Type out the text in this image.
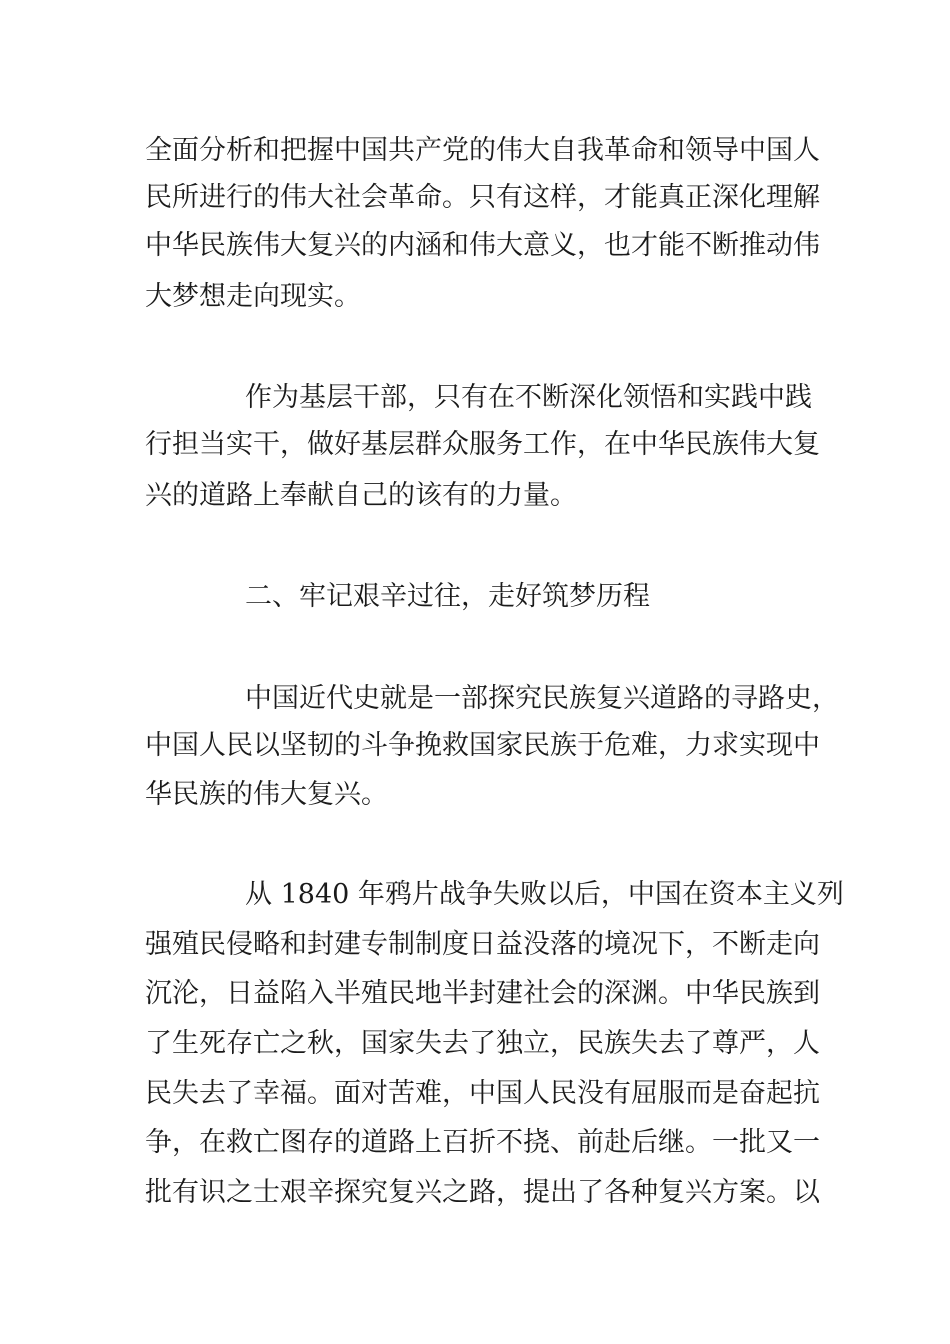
全面分析和把握中国共产党的伟大自我革命和领导中国人
民所进行的伟大社会革命。只有这样，才能真正深化理解
中华民族伟大复兴的内涵和伟大意义，也才能不断推动伟
大梦想走向现实。
作为基层干部，只有在不断深化领悟和实践中践
行担当实干，做好基层群众服务工作，在中华民族伟大复
兴的道路上奉献自己的该有的力量。
二、牢记艰辛过往，走好筑梦历程
中国近代史就是一部探究民族复兴道路的寻路史，
中国人民以坚韧的斗争挽救国家民族于危难，力求实现中
华民族的伟大复兴。
从 1840 年鸦片战争失败以后，中国在资本主义列
强殖民侵略和封建专制制度日益没落的境况下，不断走向
沉沦，日益陷入半殖民地半封建社会的深渊。中华民族到
了生死存亡之秋，国家失去了独立，民族失去了尊严，人
民失去了幸福。面对苦难，中国人民没有屈服而是奋起抗
争，在救亡图存的道路上百折不挠、前赴后继。一批又一
批有识之士艰辛探究复兴之路，提出了各种复兴方案。以
